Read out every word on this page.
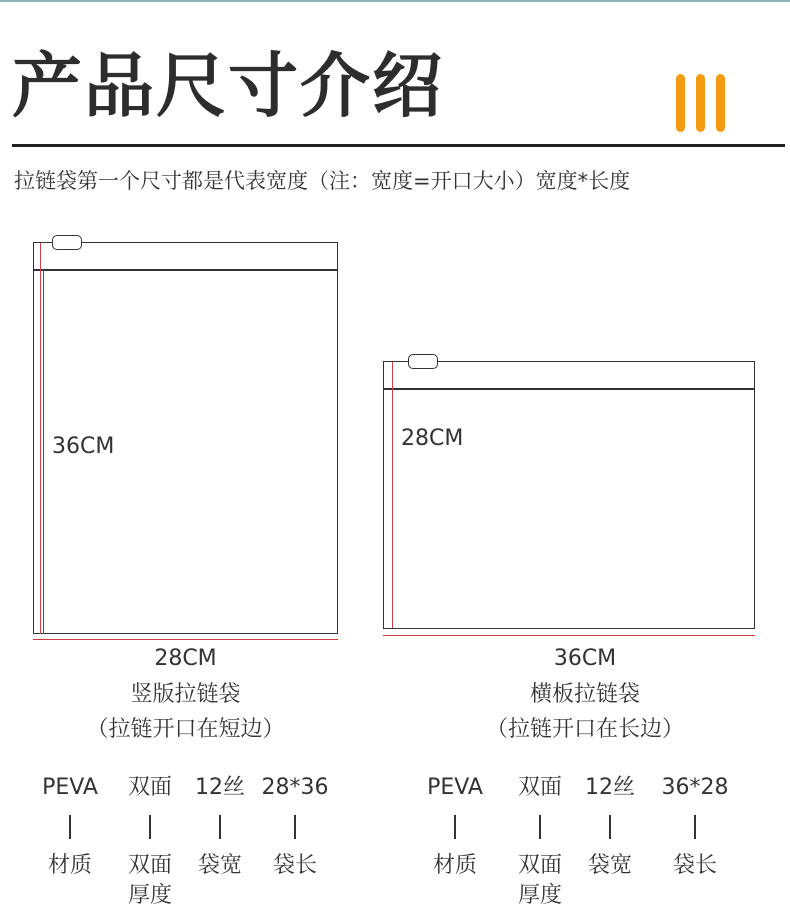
产品尺寸介绍
拉链袋第一个尺寸都是代表宽度（注：宽度=开口大小）宽度*长度
36CM
28CM
竖版拉链袋
（拉链开口在短边）
28CM
36CM
横板拉链袋
（拉链开口在长边）
PEVA
材质
双面
双面
厚度
12丝
袋宽
28*36
袋长
PEVA
材质
双面
双面
厚度
12丝
袋宽
36*28
袋长
